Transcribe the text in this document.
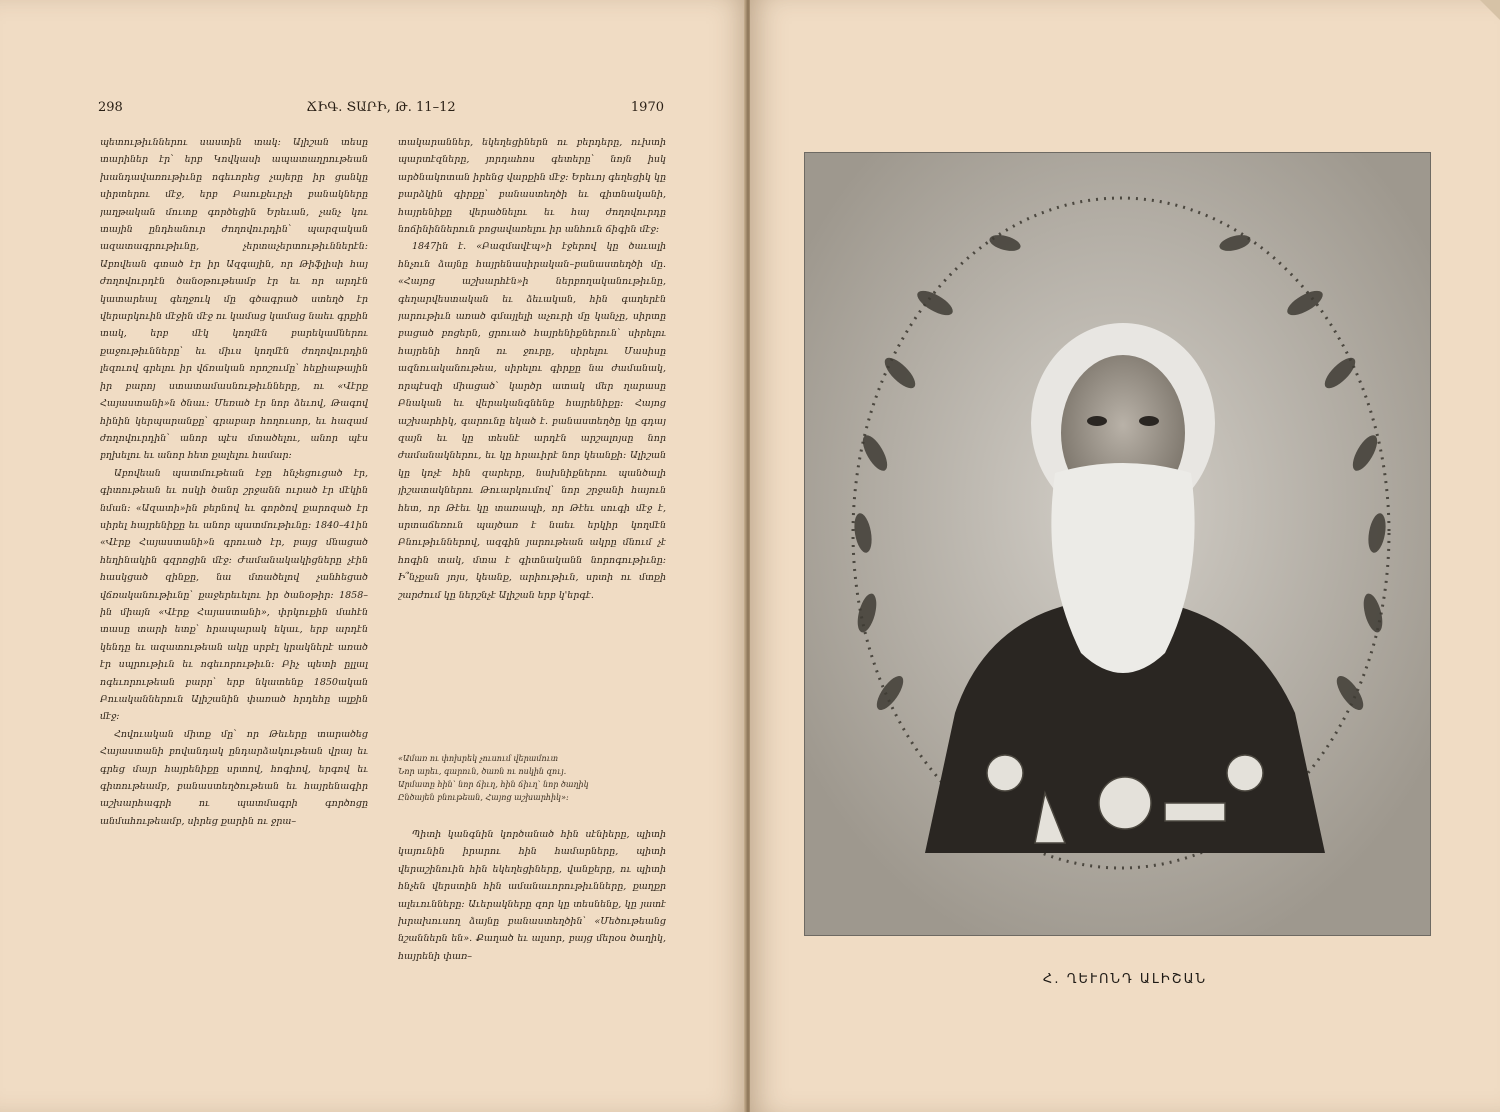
298	ՃԻԳ․ ՏԱՐԻ, Թ․ 11–12	1970

պետութիւններու սաստին տակ։ Ալիշան տեսը տարիներ էր՝ երբ Կովկասի ապատաղրութեան խանդավառութիւնը ոգեւորեց չայերը իր ցանկը սիրտերու մէջ, երբ Բաուքեւրչի բանակները յաղթական մուտք գործեցին Երեւան, չանչ կու տային ընդհանուր ժողովուրդին՝ պարզական ազատագրութիւնը, չերտաչերտութիւններէն։ Աբովեան գտած էր իր Ազգային, որ Թիֆլիսի հայ ժողովուրդէն ծանօթութեամբ էր եւ որ արդէն կատարեալ գեղջուկ մը գծագրած ստեղծ էր վերարկուին մէջին մէջ ու կամաց կամաց նաեւ գրքին տակ, երբ մէկ կողմէն բարեկամներու քաջութիւնները՝ եւ միւս կողմէն ժողովուրդին լեզուով գրելու իր վճռական որոշումը՝ հեքիաթային իր բարոյ ստատամասնութիւնները, ու «Վէրք Հայաստանի»ն ծնաւ։ Մեռած էր նոր ձեւով, Թագով հինին կերպարանքը՝ գրաբար հողուսոր, եւ հազամ ժողովուրդին՝ անոր պէս մտածելու, անոր պէս բղխելու եւ անոր հետ քալելու համար։

Աբովեան պատմութեան էջը հնչեցուցած էր, գիտութեան եւ ոսկի ծանր շրջանն ուրած էր մէկին նման։ «Ազատի»ին բերնով եւ գործով քարոզած էր սիրել հայրենիքը եւ անոր պատմութիւնը։ 1840–41ին «Վէրք Հայաստանի»ն գրուած էր, բայց մնացած հեղինակին գզրոցին մէջ։ Ժամանակակիցները չէին հասկցած զինքը, նա մտածելով չանհեցած վճռականութիւնը՝ քաջերեւելու իր ծանօթիր։ 1858–ին միայն «Վէրք Հայաստանի», փրկուքին մահէն տասը տարի ետք՝ հրապարակ եկաւ, երբ արդէն կենդը եւ ազատութեան ակը սրբէլ կրակներէ առած էր սպրութիւն եւ ոգեւորութիւն։ Բիչ պետի ըլլալ ոգեւորութեան բարր՝ երբ նկատենք 1850ական Բուականներուն Ալիշանին փառած հրդեհը ալքին մէջ։

Հովուական միտք մը՝ որ Թեւերը տարածեց Հայաստանի բովանդակ ընդարձակութեան վրայ եւ գրեց մայր հայրենիքը սրտով, հոգիով, երգով եւ գիտութեամբ, բանաստեղծութեան եւ հայրենագիր աշխարհագրի ու պատմագրի գործոցը անմահութեամբ, սիրեց քարին ու ջրա–

տակարաններ, եկեղեցիներն ու բերդերը, ուխտի պարտէզները, յորդահոս գետերը՝ նոյն իսկ արծնակոտան իրենց վարքին մէջ։ Երեւոյ գեղեցիկ կը բարձկին գիրքը՝ բանաստեղծի եւ գիտնականի, հայրենիքը վերածնելու եւ հայ ժողովուրդը նոճինիններուն բոցավառելու իր անհուն ճիգին մէջ։

1847ին է. «Բազմավէպ»ի էջերով կը ծաւալի հնչուն ձայնը հայրենասիրական–բանաստեղծի մը. «Հայոց աշխարհէն»ի ներբողականութիւնը, գեղարվեստական եւ ձեւական, հին գաղերէն յարութիւն առած գմայլելի աչուրի մը կանչը, սիրտը բացած բոցերն, ցրուած հայրենիքներուն՝ սիրելու հայրենի հողն ու ջուրը, սիրելու Մասիսը ազնուականութեա, սիրելու գիրքը նա ժամանակ, որպէսզի միացած՝ կարծր ատակ մեր ղարասը Բնական եւ վերականգնենք հայրենիքը։ Հայոց աշխարհիկ, գարունը եկած է. բանաստեղծը կը գդայ զայն եւ կը տեսնէ արդէն արշալոյսը նոր ժամանակներու, եւ կը հրաւիրէ նոր կեանքի։ Ալիշան կը կոչէ հին զարերը, նախնիքներու պանծալի յիշատակներու Թուարկումով՝ նոր շրջանի հայուն հետ, որ Թէեւ կը տառապի, որ Թէեւ սուգի մէջ է, սրտաճեռուն պայծառ է նաեւ երկիր կողմէն Բնութիւններով, ազգին յարութեան ակրը մնում չէ հոգին տակ, մտա է գիտնականն նորոգութիւնը։ Ի՞նչքան յոյս, կեանք, արիութիւն, սրտի ու մտքի շարժում կը ներշնչէ Ալիշան երբ կ'երգէ.

«Ամառ ու փոխրեկ չուսում վերամուտ
Նոր արեւ, գարուն, ծառն ու ոսկին զույ․
Արմատը հին՝ նոր ճիւղ, հին ճիւղ՝ նոր ծաղիկ
Ընծայեն բնութեան, Հայոց աշխարհիկ»։

Պիտի կանգնին կործանած հին սէնիերը, պիտի կայունին իրարու հին համարները, պիտի վերաշինուին հին եկեղեցիները, վանքերը, ու պիտի հնչեն վերստին հին ամանաւորութիւնները, քաղքր ալեւունները։ Աւերակները զոր կը տեսնենք, կը յատէ խրախուսող ձայնը բանաստեղծին՝ «Մեծութեանց նշաններն են». Քաղած եւ ալսոր, բայց մերօս ծաղիկ, հայրենի փառ–

Հ․ ՂԵՒՈՆԴ ԱԼԻՇԱՆ
